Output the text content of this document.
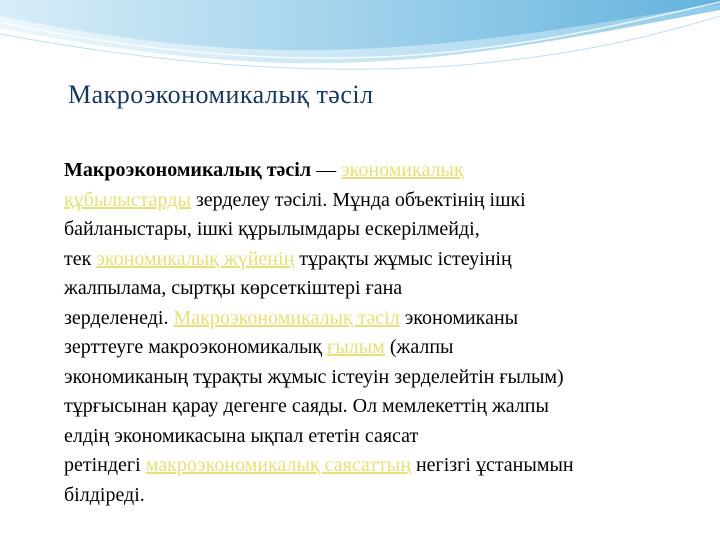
Макроэкономикалық тәсіл

Макроэкономикалық тәсіл — экономикалық
құбылыстарды зерделеу тәсілі. Мұнда объектінің ішкі
байланыстары, ішкі құрылымдары ескерілмейді,
тек экономикалық жүйенің тұрақты жұмыс істеуінің
жалпылама, сыртқы көрсеткіштері ғана
зерделенеді. Макроэкономикалық тәсіл экономиканы
зерттеуге макроэкономикалық ғылым (жалпы
экономиканың тұрақты жұмыс істеуін зерделейтін ғылым)
тұрғысынан қарау дегенге саяды. Ол мемлекеттің жалпы
елдің экономикасына ықпал ететін саясат
ретіндегі макроэкономикалық саясаттың негізгі ұстанымын
білдіреді.
